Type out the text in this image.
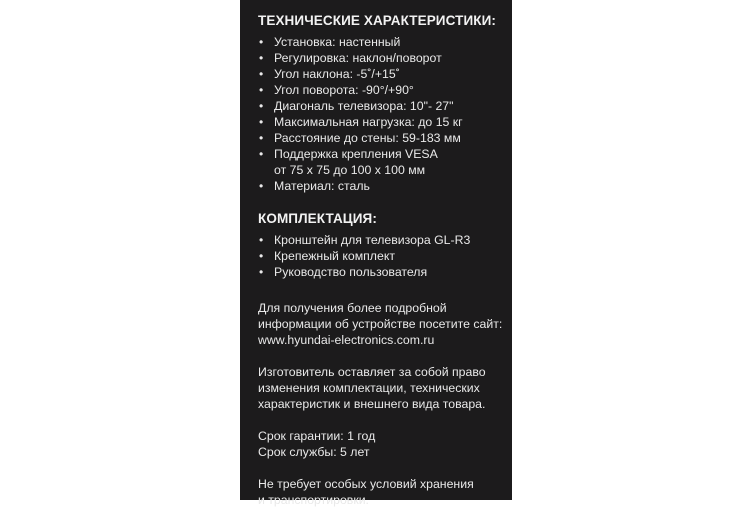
ТЕХНИЧЕСКИЕ ХАРАКТЕРИСТИКИ:
• Установка: настенный
• Регулировка: наклон/поворот
• Угол наклона: -5˚/+15˚
• Угол поворота: -90°/+90°
• Диагональ телевизора: 10"- 27"
• Максимальная нагрузка: до 15 кг
• Расстояние до стены: 59-183 мм
• Поддержка крепления VESA
от 75 х 75 до 100 х 100 мм
• Материал: сталь
КОМПЛЕКТАЦИЯ:
• Кронштейн для телевизора GL-R3
• Крепежный комплект
• Руководство пользователя

Для получения более подробной

информации об устройстве посетите сайт:

www.hyundai-electronics.com.ru

Изготовитель оставляет за собой право

изменения комплектации, технических

характеристик и внешнего вида товара.

Срок гарантии: 1 год

Срок службы: 5 лет

Не требует особых условий хранения

и транспортировки.
